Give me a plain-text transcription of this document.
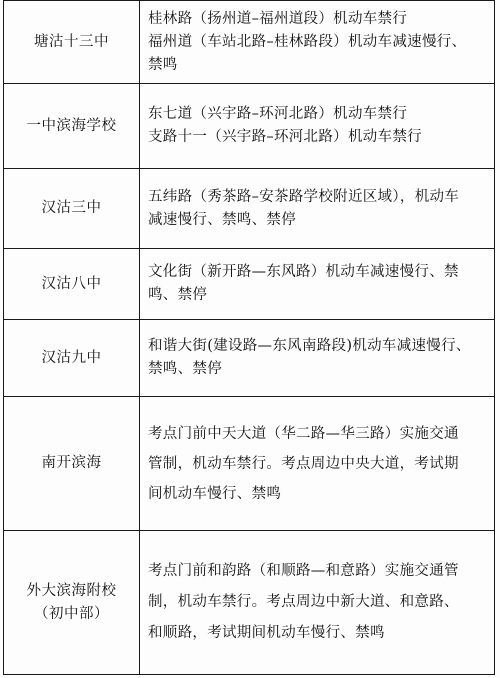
塘沽十三中	桂林路（扬州道–福州道段）机动车禁行
福州道（车站北路–桂林路段）机动车减速慢行、
禁鸣

一中滨海学校	东七道（兴宇路–环河北路）机动车禁行
支路十一（兴宇路–环河北路）机动车禁行

汉沽三中	五纬路（秀茶路–安茶路学校附近区域），机动车
减速慢行、禁鸣、禁停

汉沽八中	文化街（新开路—东风路）机动车减速慢行、禁
鸣、禁停

汉沽九中	和谐大街(建设路—东风南路段)机动车减速慢行、
禁鸣、禁停

南开滨海	考点门前中天大道（华二路—华三路）实施交通
管制，机动车禁行。考点周边中央大道，考试期
间机动车慢行、禁鸣

外大滨海附校
（初中部）	考点门前和韵路（和顺路—和意路）实施交通管
制，机动车禁行。考点周边中新大道、和意路、
和顺路，考试期间机动车慢行、禁鸣
